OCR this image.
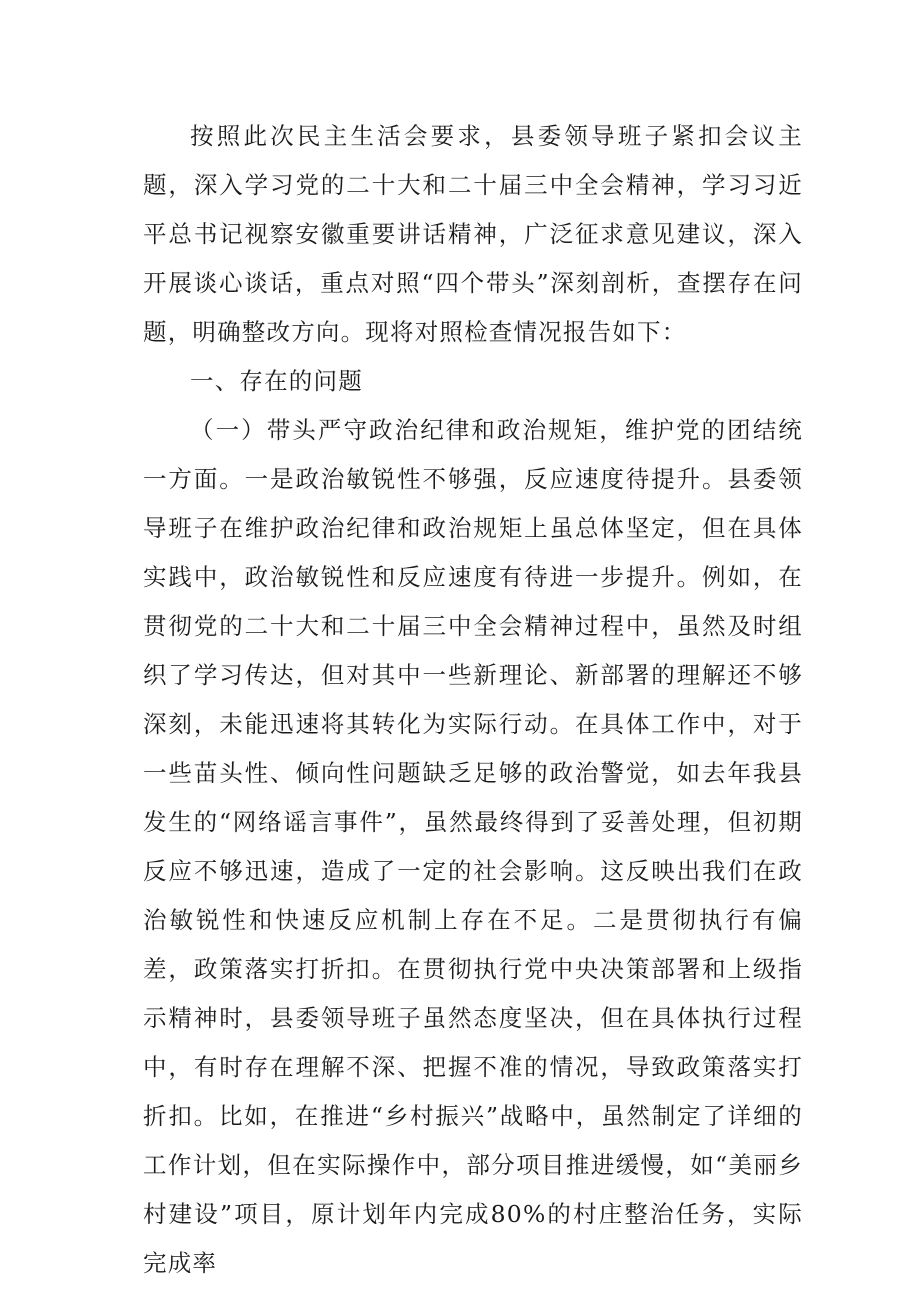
按照此次民主生活会要求，县委领导班子紧扣会议主题，深入学习党的二十大和二十届三中全会精神，学习习近平总书记视察安徽重要讲话精神，广泛征求意见建议，深入开展谈心谈话，重点对照“四个带头”深刻剖析，查摆存在问题，明确整改方向。现将对照检查情况报告如下：

一、存在的问题

（一）带头严守政治纪律和政治规矩，维护党的团结统一方面。一是政治敏锐性不够强，反应速度待提升。县委领导班子在维护政治纪律和政治规矩上虽总体坚定，但在具体实践中，政治敏锐性和反应速度有待进一步提升。例如，在贯彻党的二十大和二十届三中全会精神过程中，虽然及时组织了学习传达，但对其中一些新理论、新部署的理解还不够深刻，未能迅速将其转化为实际行动。在具体工作中，对于一些苗头性、倾向性问题缺乏足够的政治警觉，如去年我县发生的“网络谣言事件”，虽然最终得到了妥善处理，但初期反应不够迅速，造成了一定的社会影响。这反映出我们在政治敏锐性和快速反应机制上存在不足。二是贯彻执行有偏差，政策落实打折扣。在贯彻执行党中央决策部署和上级指示精神时，县委领导班子虽然态度坚决，但在具体执行过程中，有时存在理解不深、把握不准的情况，导致政策落实打折扣。比如，在推进“乡村振兴”战略中，虽然制定了详细的工作计划，但在实际操作中，部分项目推进缓慢，如“美丽乡村建设”项目，原计划年内完成80%的村庄整治任务，实际完成率
